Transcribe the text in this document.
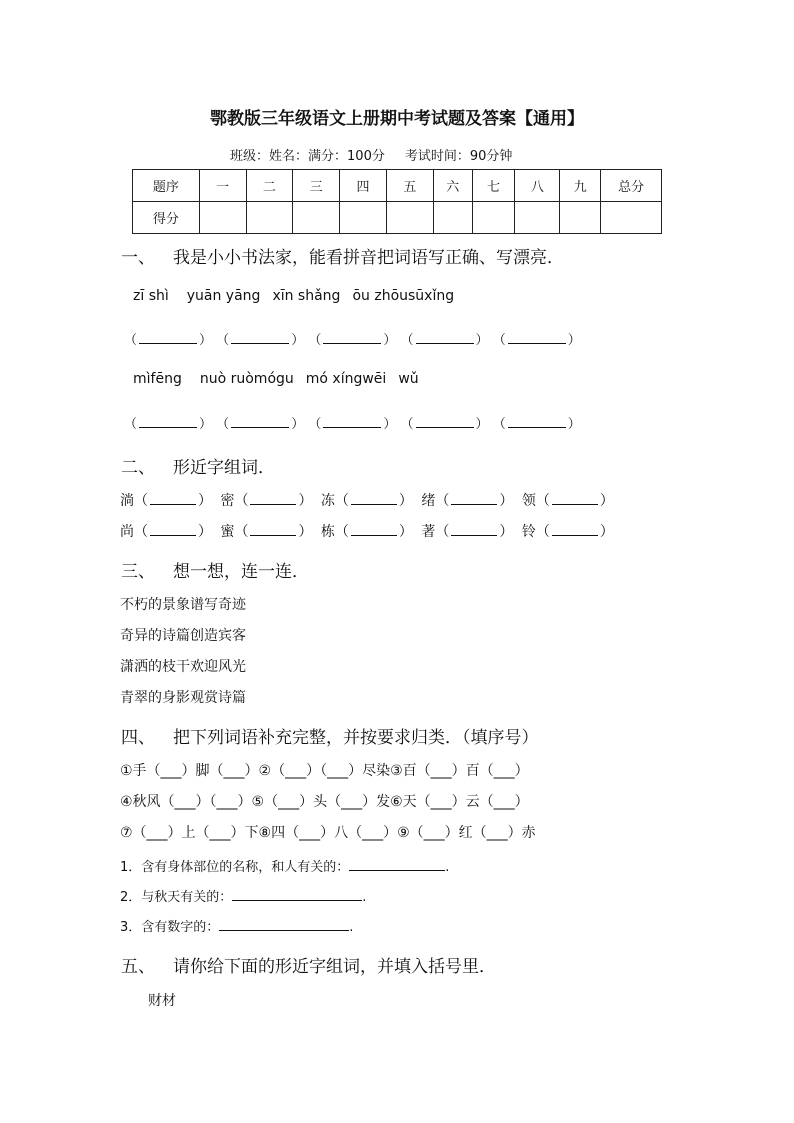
鄂教版三年级语文上册期中考试题及答案【通用】
班级：姓名：满分：100分 考试时间：90分钟
题序	一	二	三	四	五	六	七	八	九	总分
得分										
一、 我是小小书法家，能看拼音把词语写正确、写漂亮．
zī shì yuān yāng xīn shǎng ōu zhōusūxǐng
（	） （	） （	） （	） （	）
mìfēng nuò ruòmógu mó xíngwēi wǔ
（	） （	） （	） （	） （	）
二、 形近字组词．
淌（	） 密（	） 冻（	） 绪（	） 领（	）
尚（	） 蜜（	） 栋（	） 著（	） 铃（	）
三、 想一想，连一连．
不朽的景象谱写奇迹
奇异的诗篇创造宾客
潇洒的枝干欢迎风光
青翠的身影观赏诗篇
四、 把下列词语补充完整，并按要求归类．（填序号）
①手（___）脚（___）②（___）（___）尽染③百（___）百（___）
④秋风（___）（___）⑤（___）头（___）发⑥天（___）云（___）
⑦（___）上（___）下⑧四（___）八（___）⑨（___）红（___）赤
1．含有身体部位的名称，和人有关的：	.
2．与秋天有关的：	.
3．含有数字的：	.
五、 请你给下面的形近字组词，并填入括号里．
财材
